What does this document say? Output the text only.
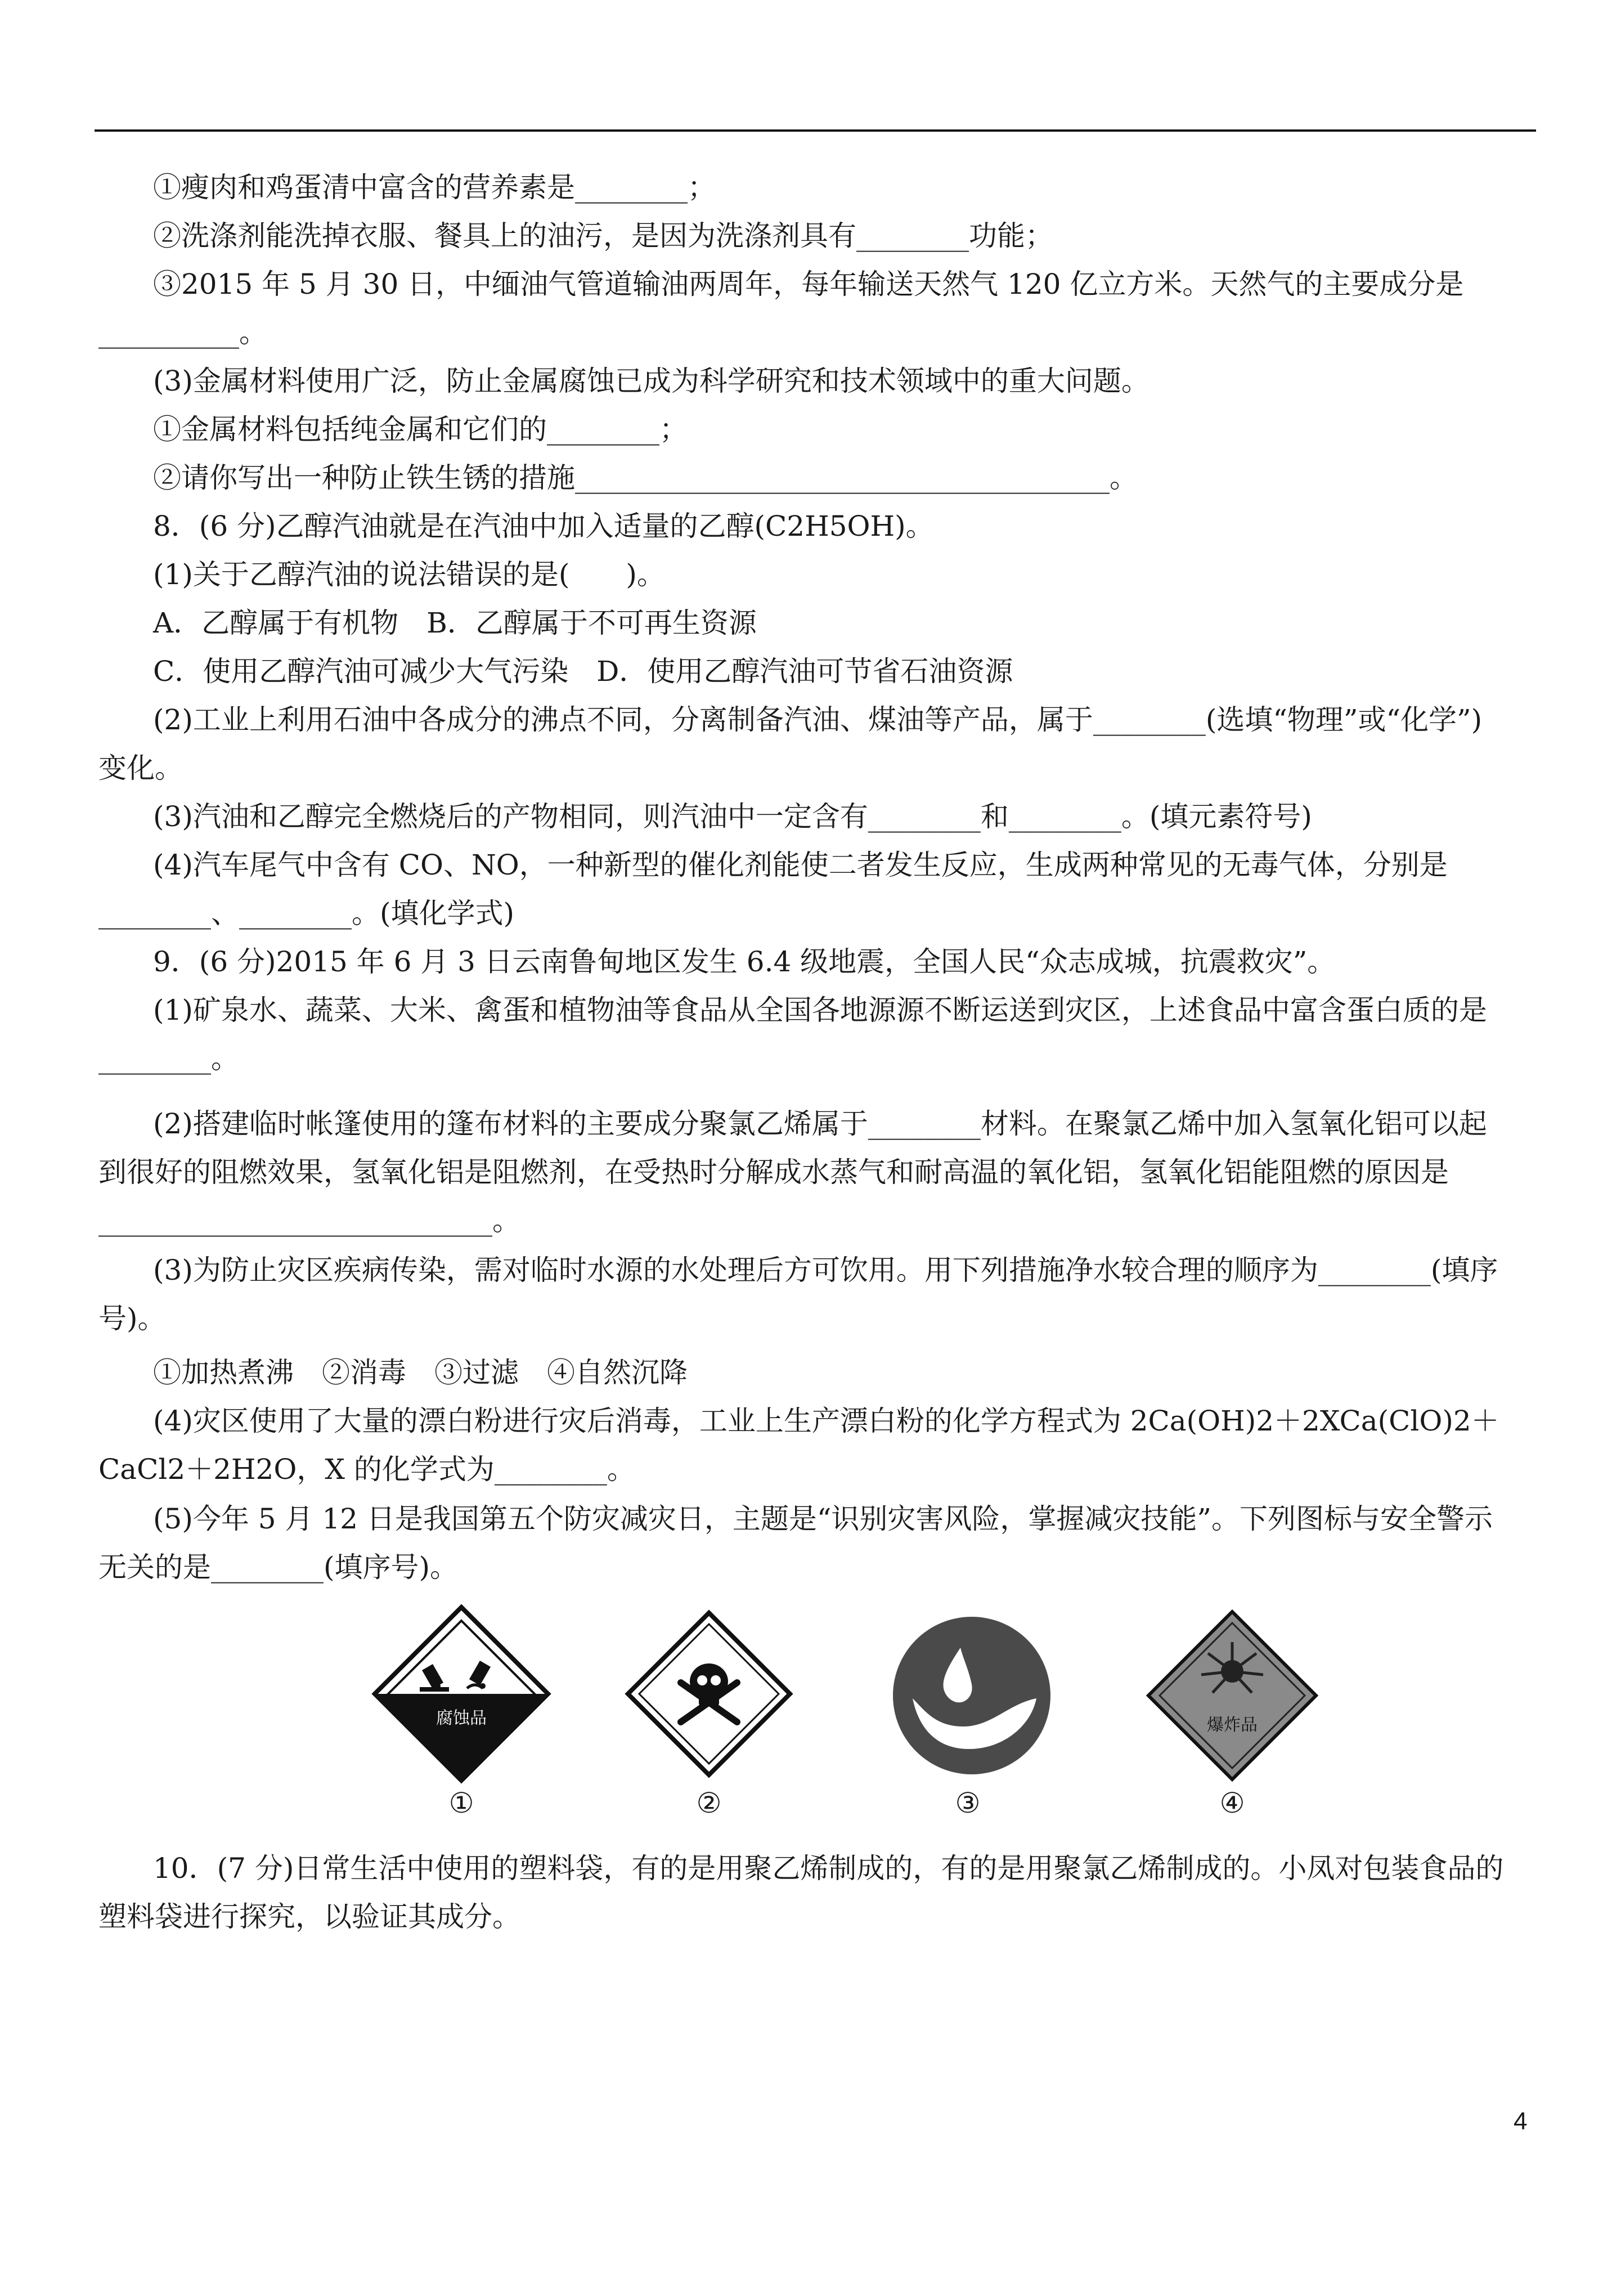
①瘦肉和鸡蛋清中富含的营养素是________；
②洗涤剂能洗掉衣服、餐具上的油污，是因为洗涤剂具有________功能；
③2015 年 5 月 30 日，中缅油气管道输油两周年，每年输送天然气 120 亿立方米。天然气的主要成分是
__________。
(3)金属材料使用广泛，防止金属腐蚀已成为科学研究和技术领域中的重大问题。
①金属材料包括纯金属和它们的________；
②请你写出一种防止铁生锈的措施______________________________________。
8．(6 分)乙醇汽油就是在汽油中加入适量的乙醇(C2H5OH)。
(1)关于乙醇汽油的说法错误的是(　　)。
A．乙醇属于有机物　B．乙醇属于不可再生资源
C．使用乙醇汽油可减少大气污染　D．使用乙醇汽油可节省石油资源
(2)工业上利用石油中各成分的沸点不同，分离制备汽油、煤油等产品，属于________(选填“物理”或“化学”)
变化。
(3)汽油和乙醇完全燃烧后的产物相同，则汽油中一定含有________和________。(填元素符号)
(4)汽车尾气中含有 CO、NO，一种新型的催化剂能使二者发生反应，生成两种常见的无毒气体，分别是
________、________。(填化学式)
9．(6 分)2015 年 6 月 3 日云南鲁甸地区发生 6.4 级地震，全国人民“众志成城，抗震救灾”。
(1)矿泉水、蔬菜、大米、禽蛋和植物油等食品从全国各地源源不断运送到灾区，上述食品中富含蛋白质的是
________。
(2)搭建临时帐篷使用的篷布材料的主要成分聚氯乙烯属于________材料。在聚氯乙烯中加入氢氧化铝可以起
到很好的阻燃效果，氢氧化铝是阻燃剂，在受热时分解成水蒸气和耐高温的氧化铝，氢氧化铝能阻燃的原因是
____________________________。
(3)为防止灾区疾病传染，需对临时水源的水处理后方可饮用。用下列措施净水较合理的顺序为________(填序
号)。
①加热煮沸　②消毒　③过滤　④自然沉降
(4)灾区使用了大量的漂白粉进行灾后消毒，工业上生产漂白粉的化学方程式为 2Ca(OH)2＋2XCa(ClO)2＋
CaCl2＋2H2O，X 的化学式为________。
(5)今年 5 月 12 日是我国第五个防灾减灾日，主题是“识别灾害风险，掌握减灾技能”。下列图标与安全警示
无关的是________(填序号)。
10．(7 分)日常生活中使用的塑料袋，有的是用聚乙烯制成的，有的是用聚氯乙烯制成的。小凤对包装食品的
塑料袋进行探究，以验证其成分。
腐蚀品
①	②	③
爆炸品
④
4
